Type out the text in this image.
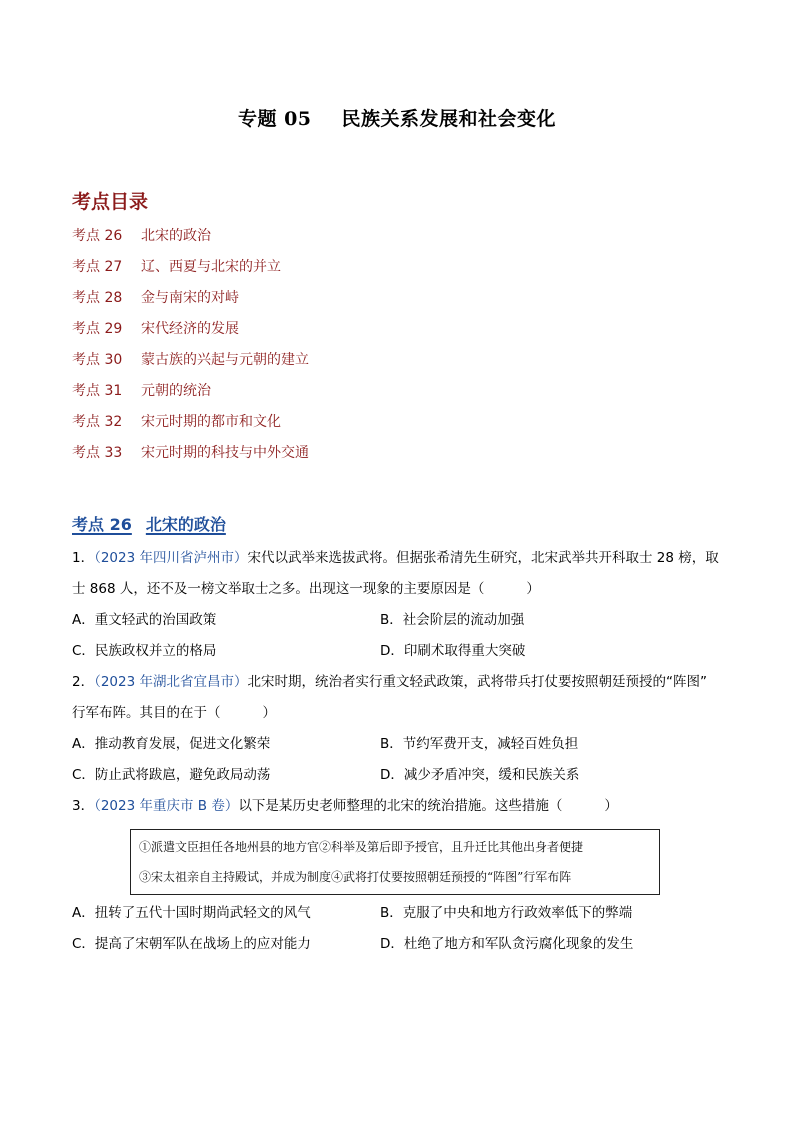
专题 05 民族关系发展和社会变化
考点目录
考点 26 北宋的政治
考点 27 辽、西夏与北宋的并立
考点 28 金与南宋的对峙
考点 29 宋代经济的发展
考点 30 蒙古族的兴起与元朝的建立
考点 31 元朝的统治
考点 32 宋元时期的都市和文化
考点 33 宋元时期的科技与中外交通
考点 26 北宋的政治
1．（2023 年四川省泸州市）宋代以武举来选拔武将。但据张希清先生研究，北宋武举共开科取士 28 榜，取
士 868 人，还不及一榜文举取士之多。出现这一现象的主要原因是（	）
A．重文轻武的治国政策	B．社会阶层的流动加强
C．民族政权并立的格局	D．印刷术取得重大突破
2．（2023 年湖北省宜昌市）北宋时期，统治者实行重文轻武政策，武将带兵打仗要按照朝廷预授的“阵图”
行军布阵。其目的在于（	）
A．推动教育发展，促进文化繁荣	B．节约军费开支，减轻百姓负担
C．防止武将跋扈，避免政局动荡	D．减少矛盾冲突，缓和民族关系
3．（2023 年重庆市 B 卷）以下是某历史老师整理的北宋的统治措施。这些措施（	）
①派遣文臣担任各地州县的地方官②科举及第后即予授官，且升迁比其他出身者便捷
③宋太祖亲自主持殿试，并成为制度④武将打仗要按照朝廷预授的“阵图”行军布阵
A．扭转了五代十国时期尚武轻文的风气	B．克服了中央和地方行政效率低下的弊端
C．提高了宋朝军队在战场上的应对能力	D．杜绝了地方和军队贪污腐化现象的发生
